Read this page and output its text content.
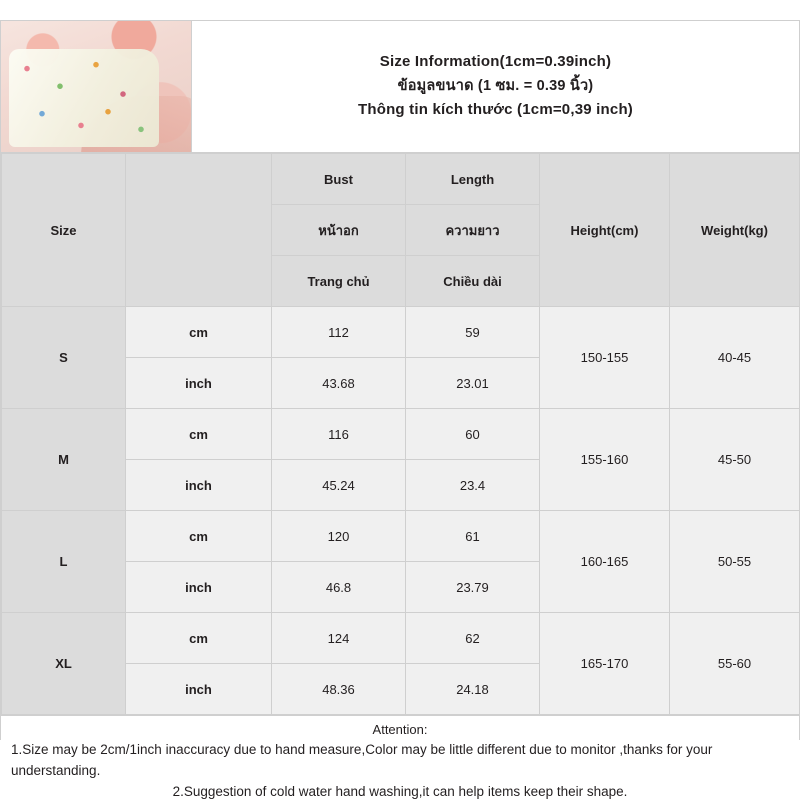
Size Information(1cm=0.39inch)
ข้อมูลขนาด (1 ซม. = 0.39 นิ้ว)
Thông tin kích thước (1cm=0,39 inch)
Size		Bust	Length	Height(cm)	Weight(kg)
		หน้าอก	ความยาว		
		Trang chủ	Chiều dài		
S	cm	112	59	150-155	40-45
	inch	43.68	23.01		
M	cm	116	60	155-160	45-50
	inch	45.24	23.4		
L	cm	120	61	160-165	50-55
	inch	46.8	23.79		
XL	cm	124	62	165-170	55-60
	inch	48.36	24.18		
Attention:
1.Size may be 2cm/1inch inaccuracy due to hand measure,Color may be little different due to monitor ,thanks for your understanding.
2.Suggestion of cold water hand washing,it can help items keep their shape.
